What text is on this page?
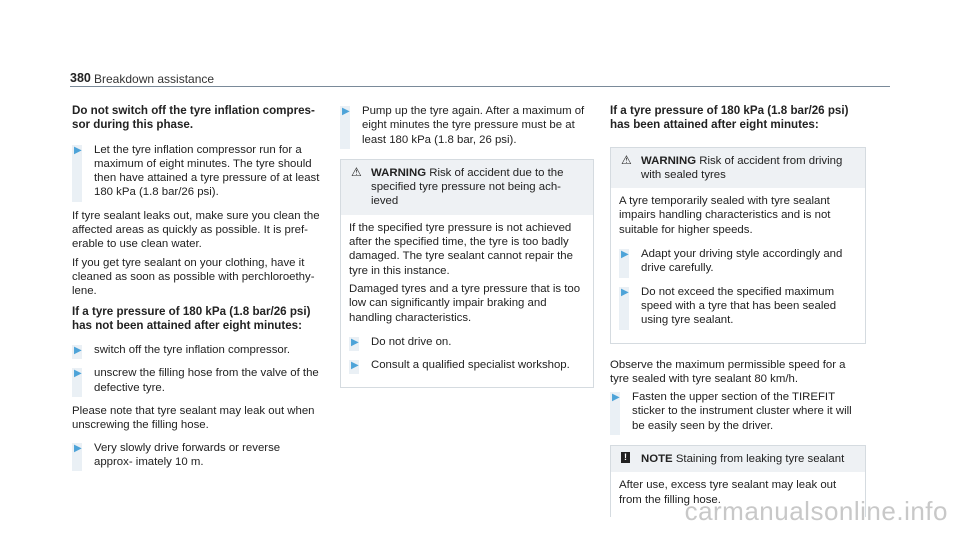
380 Breakdown assistance
Do not switch off the tyre inflation compres- sor during this phase.
▶ Let the tyre inflation compressor run for a maximum of eight minutes. The tyre should then have attained a tyre pressure of at least 180 kPa (1.8 bar/26 psi).

If tyre sealant leaks out, make sure you clean the affected areas as quickly as possible. It is pref- erable to use clean water.

If you get tyre sealant on your clothing, have it cleaned as soon as possible with perchloroethy- lene.

If a tyre pressure of 180 kPa (1.8 bar/26 psi) has not been attained after eight minutes:
▶ switch off the tyre inflation compressor.
▶ unscrew the filling hose from the valve of the defective tyre.

Please note that tyre sealant may leak out when unscrewing the filling hose.

▶ Very slowly drive forwards or reverse approx- imately 10 m.
▶ Pump up the tyre again. After a maximum of eight minutes the tyre pressure must be at least 180 kPa (1.8 bar, 26 psi).
⚠ WARNING Risk of accident due to the specified tyre pressure not being ach- ieved

If the specified tyre pressure is not achieved after the specified time, the tyre is too badly damaged. The tyre sealant cannot repair the tyre in this instance.

Damaged tyres and a tyre pressure that is too low can significantly impair braking and handling characteristics.

▶ Do not drive on.
▶ Consult a qualified specialist workshop.
If a tyre pressure of 180 kPa (1.8 bar/26 psi) has been attained after eight minutes:
⚠ WARNING Risk of accident from driving with sealed tyres

A tyre temporarily sealed with tyre sealant impairs handling characteristics and is not suitable for higher speeds.

▶ Adapt your driving style accordingly and drive carefully.
▶ Do not exceed the specified maximum speed with a tyre that has been sealed using tyre sealant.

Observe the maximum permissible speed for a tyre sealed with tyre sealant 80 km/h.

▶ Fasten the upper section of the TIREFIT sticker to the instrument cluster where it will be easily seen by the driver.
! NOTE Staining from leaking tyre sealant

After use, excess tyre sealant may leak out from the filling hose.

carmanualsonline.info
